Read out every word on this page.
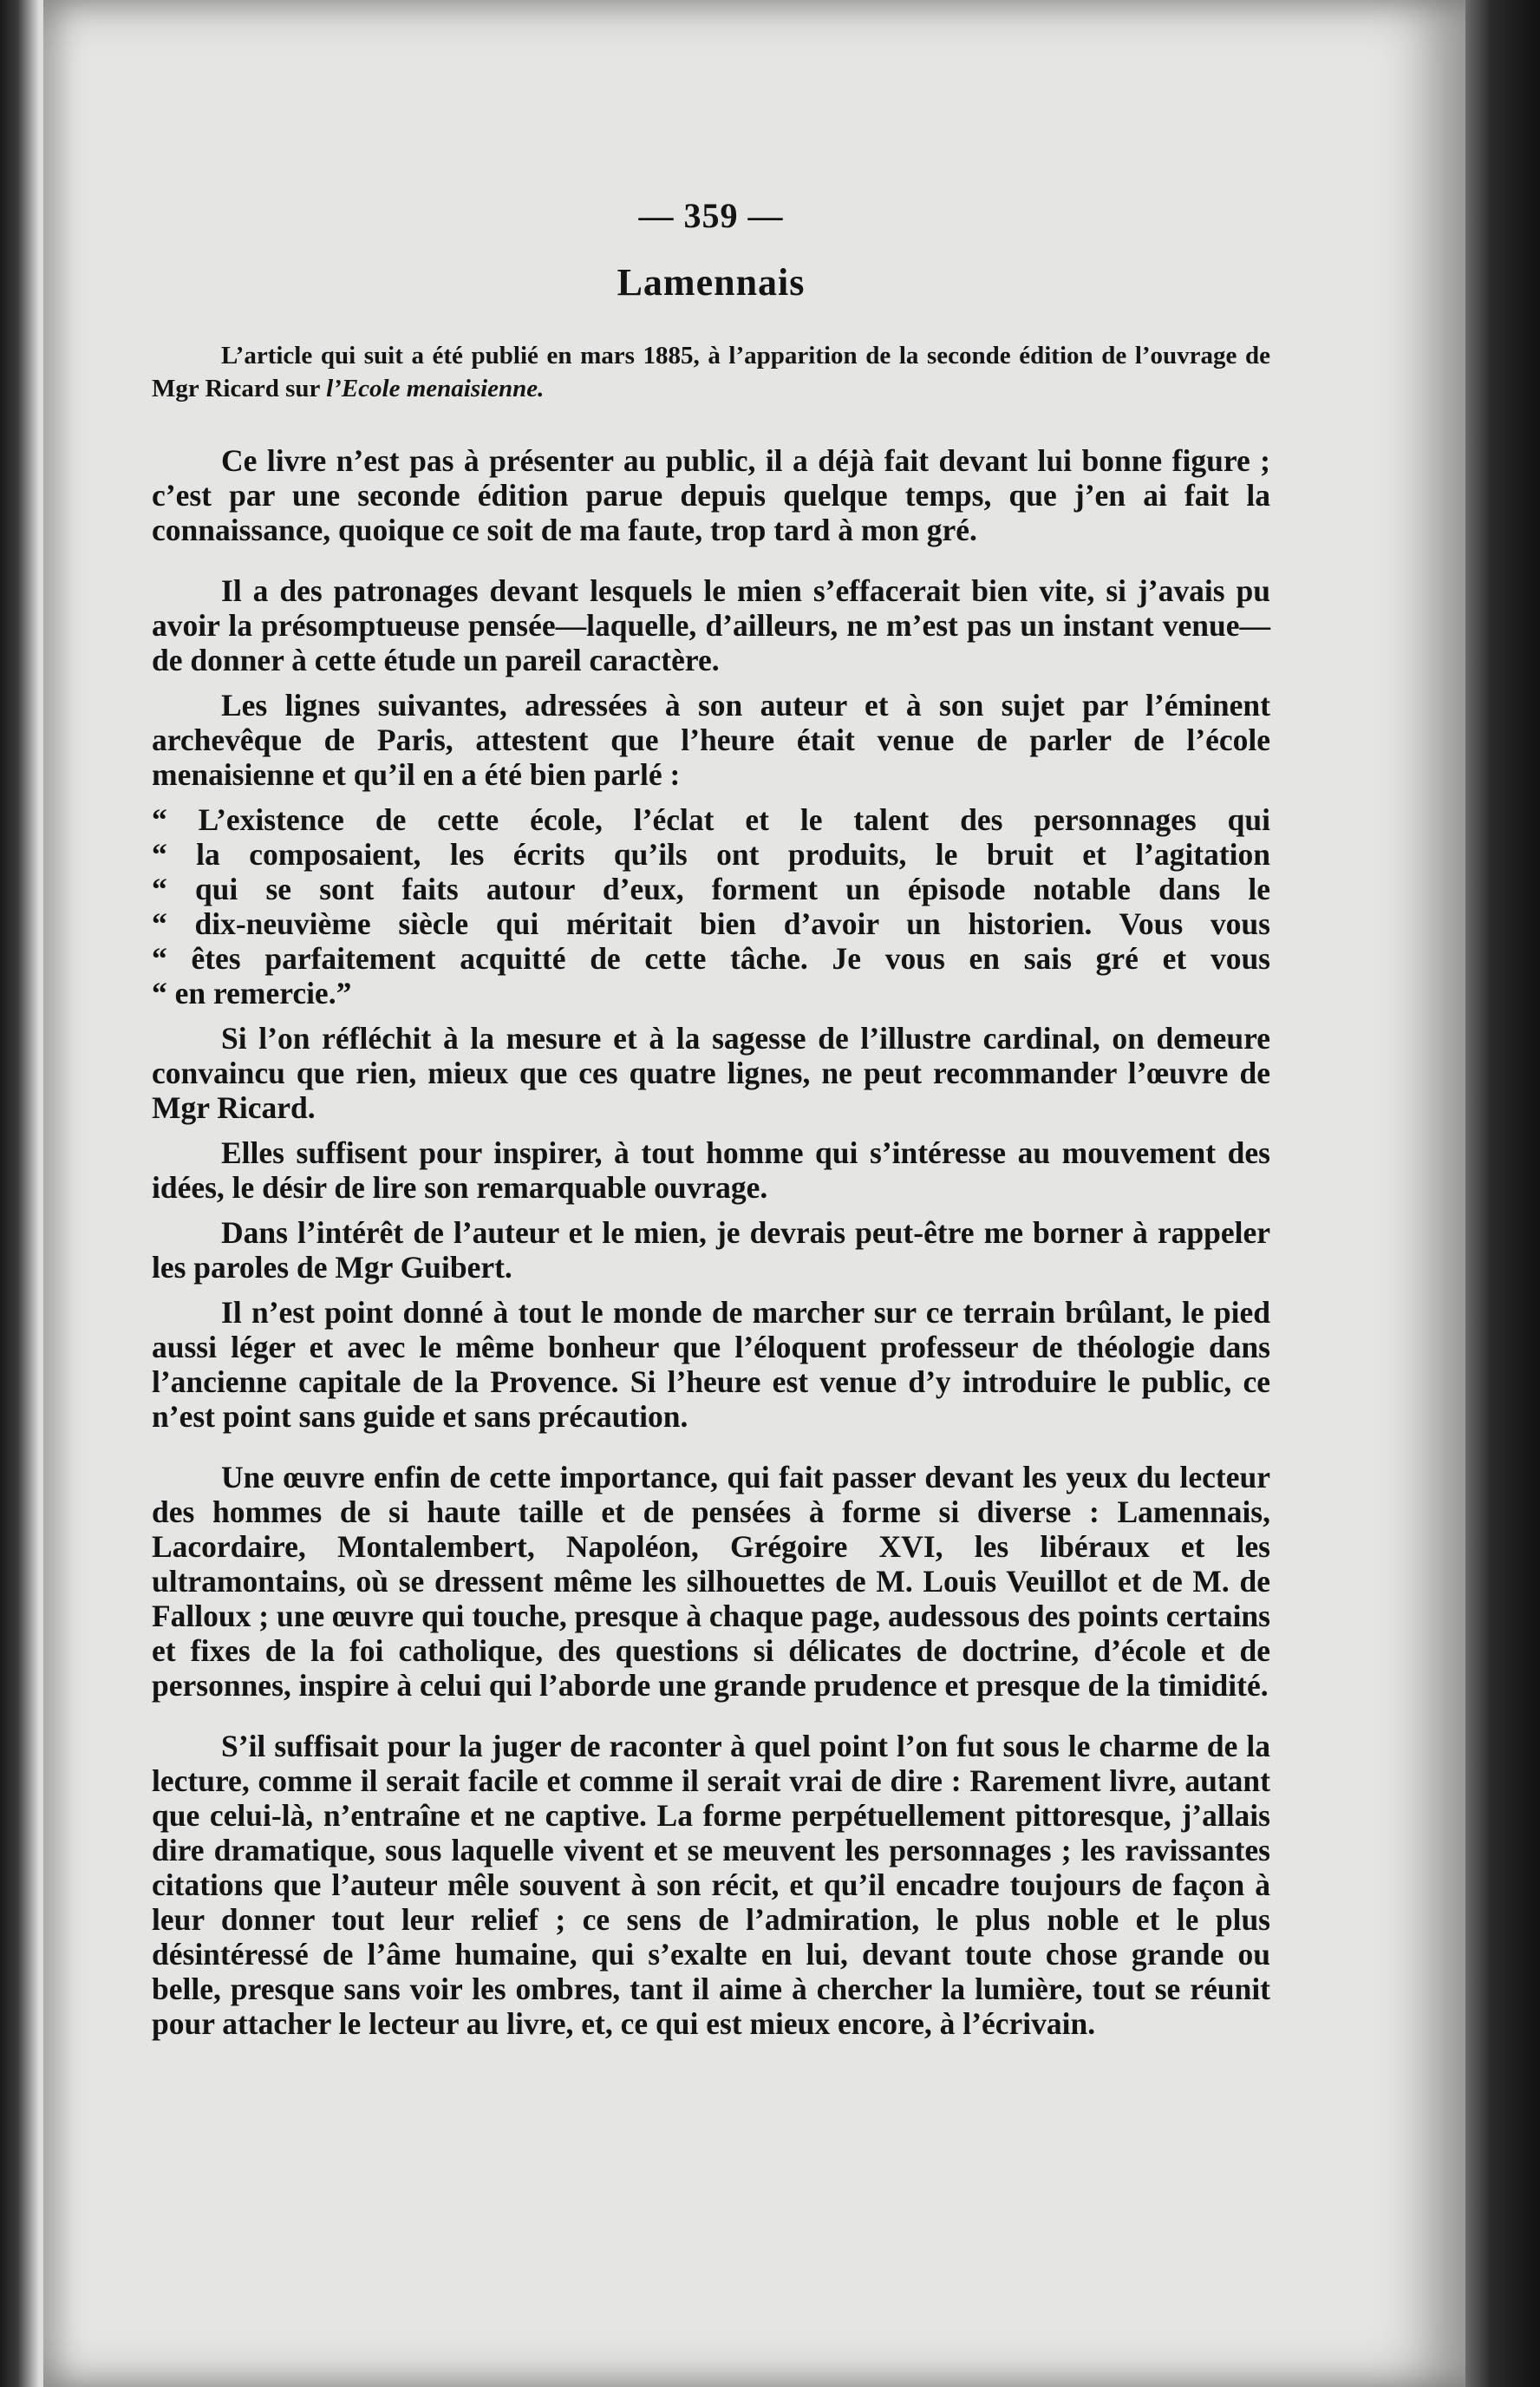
— 359 —
Lamennais
L’article qui suit a été publié en mars 1885, à l’apparition de la seconde édition de l’ouvrage de Mgr Ricard sur l’Ecole menaisienne.

Ce livre n’est pas à présenter au public, il a déjà fait devant lui bonne figure ; c’est par une seconde édition parue depuis quelque temps, que j’en ai fait la connaissance, quoique ce soit de ma faute, trop tard à mon gré.

Il a des patronages devant lesquels le mien s’effacerait bien vite, si j’avais pu avoir la présomptueuse pensée—laquelle, d’ailleurs, ne m’est pas un instant venue—de donner à cette étude un pareil caractère.

Les lignes suivantes, adressées à son auteur et à son sujet par l’éminent archevêque de Paris, attestent que l’heure était venue de parler de l’école menaisienne et qu’il en a été bien parlé :

“ L’existence de cette école, l’éclat et le talent des personnages qui
“ la composaient, les écrits qu’ils ont produits, le bruit et l’agitation
“ qui se sont faits autour d’eux, forment un épisode notable dans le
“ dix-neuvième siècle qui méritait bien d’avoir un historien. Vous vous
“ êtes parfaitement acquitté de cette tâche. Je vous en sais gré et vous
“ en remercie.”

Si l’on réfléchit à la mesure et à la sagesse de l’illustre cardinal, on demeure convaincu que rien, mieux que ces quatre lignes, ne peut recommander l’œuvre de Mgr Ricard.

Elles suffisent pour inspirer, à tout homme qui s’intéresse au mouvement des idées, le désir de lire son remarquable ouvrage.

Dans l’intérêt de l’auteur et le mien, je devrais peut-être me borner à rappeler les paroles de Mgr Guibert.

Il n’est point donné à tout le monde de marcher sur ce terrain brûlant, le pied aussi léger et avec le même bonheur que l’éloquent professeur de théologie dans l’ancienne capitale de la Provence. Si l’heure est venue d’y introduire le public, ce n’est point sans guide et sans précaution.

Une œuvre enfin de cette importance, qui fait passer devant les yeux du lecteur des hommes de si haute taille et de pensées à forme si diverse : Lamennais, Lacordaire, Montalembert, Napoléon, Grégoire XVI, les libéraux et les ultramontains, où se dressent même les silhouettes de M. Louis Veuillot et de M. de Falloux ; une œuvre qui touche, presque à chaque page, audessous des points certains et fixes de la foi catholique, des questions si délicates de doctrine, d’école et de personnes, inspire à celui qui l’aborde une grande prudence et presque de la timidité.

S’il suffisait pour la juger de raconter à quel point l’on fut sous le charme de la lecture, comme il serait facile et comme il serait vrai de dire : Rarement livre, autant que celui-là, n’entraîne et ne captive. La forme perpétuellement pittoresque, j’allais dire dramatique, sous laquelle vivent et se meuvent les personnages ; les ravissantes citations que l’auteur mêle souvent à son récit, et qu’il encadre toujours de façon à leur donner tout leur relief ; ce sens de l’admiration, le plus noble et le plus désintéressé de l’âme humaine, qui s’exalte en lui, devant toute chose grande ou belle, presque sans voir les ombres, tant il aime à chercher la lumière, tout se réunit pour attacher le lecteur au livre, et, ce qui est mieux encore, à l’écrivain.
